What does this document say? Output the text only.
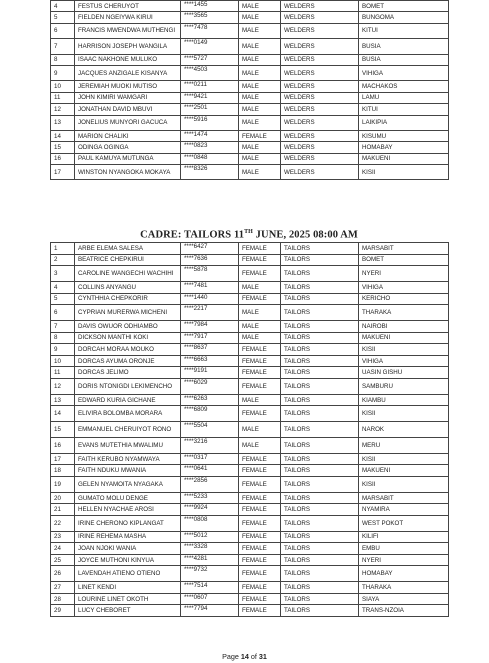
4	FESTUS CHERUYOT	****1455	MALE	WELDERS	BOMET
5	FIELDEN NGEIYWA KIRUI	****3565	MALE	WELDERS	BUNGOMA
6	FRANCIS MWENDWA MUTHENGI	****7478	MALE	WELDERS	KITUI
7	HARRISON JOSEPH WANGILA	****0149	MALE	WELDERS	BUSIA
8	ISAAC NAKHONE MULUKO	****5727	MALE	WELDERS	BUSIA
9	JACQUES ANZIGALE KISANYA	****4503	MALE	WELDERS	VIHIGA
10	JEREMIAH MUOKI MUTISO	****0211	MALE	WELDERS	MACHAKOS
11	JOHN KIMIRI WAMGARI	****9421	MALE	WELDERS	LAMU
12	JONATHAN DAVID MBUVI	****2501	MALE	WELDERS	KITUI
13	JONELIUS MUNYORI GACUCA	****5916	MALE	WELDERS	LAIKIPIA
14	MARION CHALIKI	****1474	FEMALE	WELDERS	KISUMU
15	ODINGA OGINGA	****0823	MALE	WELDERS	HOMABAY
16	PAUL KAMUYA MUTUNGA	****0848	MALE	WELDERS	MAKUENI
17	WINSTON NYANGOKA MOKAYA	****8326	MALE	WELDERS	KISII
CADRE: TAILORS 11TH JUNE, 2025 08:00 AM
1	ARBE ELEMA SALESA	****6427	FEMALE	TAILORS	MARSABIT
2	BEATRICE CHEPKIRUI	****7636	FEMALE	TAILORS	BOMET
3	CAROLINE WANGECHI WACHIHI	****5878	FEMALE	TAILORS	NYERI
4	COLLINS ANYANGU	****7481	MALE	TAILORS	VIHIGA
5	CYNTHHIA CHEPKORIR	****1440	FEMALE	TAILORS	KERICHO
6	CYPRIAN MURERWA MICHENI	****2217	MALE	TAILORS	THARAKA
7	DAVIS OWUOR ODHIAMBO	****7984	MALE	TAILORS	NAIROBI
8	DICKSON MANTHI KOKI	****7917	MALE	TAILORS	MAKUENI
9	DORCAH MORAA MOUKO	****8637	FEMALE	TAILORS	KISII
10	DORCAS AYUMA ORONJE	****6663	FEMALE	TAILORS	VIHIGA
11	DORCAS JELIMO	****9191	FEMALE	TAILORS	UASIN GISHU
12	DORIS NTONIGDI LEKIMENCHO	****6029	FEMALE	TAILORS	SAMBURU
13	EDWARD KURIA GICHANE	****6263	MALE	TAILORS	KIAMBU
14	ELIVIRA BOLOMBA MORARA	****6809	FEMALE	TAILORS	KISII
15	EMMANUEL CHERUIYOT RONO	****5504	MALE	TAILORS	NAROK
16	EVANS MUTETHIA MWALIMU	****3216	MALE	TAILORS	MERU
17	FAITH KERUBO NYAMWAYA	****0317	FEMALE	TAILORS	KISII
18	FAITH NDUKU MWANIA	****0641	FEMALE	TAILORS	MAKUENI
19	GELEN NYAMOITA NYAGAKA	****2856	FEMALE	TAILORS	KISII
20	GUMATO MOLU DENGE	****5233	FEMALE	TAILORS	MARSABIT
21	HELLEN NYACHAE AROSI	****9924	FEMALE	TAILORS	NYAMIRA
22	IRINE CHERONO KIPLANGAT	****0808	FEMALE	TAILORS	WEST POKOT
23	IRINE REHEMA MASHA	****5012	FEMALE	TAILORS	KILIFI
24	JOAN NJOKI WANIA	****3328	FEMALE	TAILORS	EMBU
25	JOYCE MUTHONI KINYUA	****4281	FEMALE	TAILORS	NYERI
26	LAVENDAH ATIENO OTIENO	****9732	FEMALE	TAILORS	HOMABAY
27	LINET KENDI	****7514	FEMALE	TAILORS	THARAKA
28	LOURINE LINET OKOTH	****0607	FEMALE	TAILORS	SIAYA
29	LUCY CHEBORET	****7794	FEMALE	TAILORS	TRANS-NZOIA
Page 14 of 31
